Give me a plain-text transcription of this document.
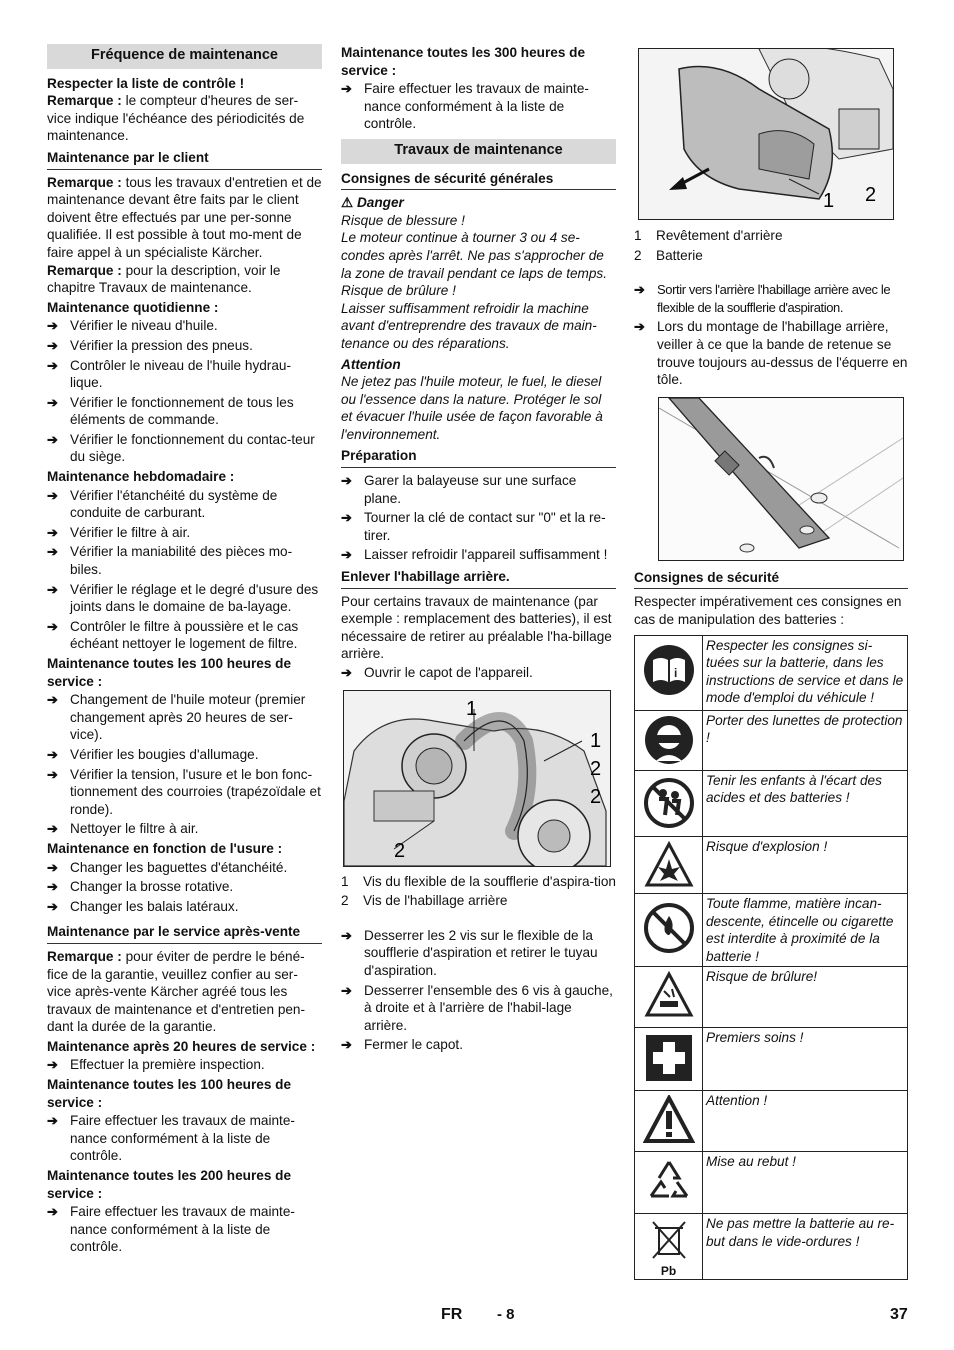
Fréquence de maintenance
Respecter la liste de contrôle !

Remarque : le compteur d'heures de ser-vice indique l'échéance des périodicités de maintenance.

Maintenance par le client

Remarque : tous les travaux d'entretien et de maintenance devant être faits par le client doivent être effectués par une per-sonne qualifiée. Il est possible à tout mo-ment de faire appel à un spécialiste Kärcher.

Remarque : pour la description, voir le chapitre Travaux de maintenance.

Maintenance quotidienne :
➔ Vérifier le niveau d'huile.
➔ Vérifier la pression des pneus.
➔ Contrôler le niveau de l'huile hydrau-lique.
➔ Vérifier le fonctionnement de tous les éléments de commande.
➔ Vérifier le fonctionnement du contac-teur du siège.
Maintenance hebdomadaire :
➔ Vérifier l'étanchéité du système de conduite de carburant.
➔ Vérifier le filtre à air.
➔ Vérifier la maniabilité des pièces mo-biles.
➔ Vérifier le réglage et le degré d'usure des joints dans le domaine de ba-layage.
➔ Contrôler le filtre à poussière et le cas échéant nettoyer le logement de filtre.
Maintenance toutes les 100 heures de service :
➔ Changement de l'huile moteur (premier changement après 20 heures de ser-vice).
➔ Vérifier les bougies d'allumage.
➔ Vérifier la tension, l'usure et le bon fonc-tionnement des courroies (trapézoïdale et ronde).
➔ Nettoyer le filtre à air.
Maintenance en fonction de l'usure :
➔ Changer les baguettes d'étanchéité.
➔ Changer la brosse rotative.
➔ Changer les balais latéraux.
Maintenance par le service après-vente

Remarque : pour éviter de perdre le béné-fice de la garantie, veuillez confier au ser-vice après-vente Kärcher agréé tous les travaux de maintenance et d'entretien pen-dant la durée de la garantie.

Maintenance après 20 heures de service :
➔ Effectuer la première inspection.
Maintenance toutes les 100 heures de service :
➔ Faire effectuer les travaux de mainte-nance conformément à la liste de contrôle.
Maintenance toutes les 200 heures de service :
➔ Faire effectuer les travaux de mainte-nance conformément à la liste de contrôle.
Maintenance toutes les 300 heures de service :
➔ Faire effectuer les travaux de mainte-nance conformément à la liste de contrôle.
Travaux de maintenance
Consignes de sécurité générales
⚠ Danger

Risque de blessure !

Le moteur continue à tourner 3 ou 4 se-condes après l'arrêt. Ne pas s'approcher de la zone de travail pendant ce laps de temps.

Risque de brûlure !

Laisser suffisamment refroidir la machine avant d'entreprendre des travaux de main-tenance ou des réparations.

Attention

Ne jetez pas l'huile moteur, le fuel, le diesel ou l'essence dans la nature. Protéger le sol et évacuer l'huile usée de façon favorable à l'environnement.

Préparation
➔ Garer la balayeuse sur une surface plane.
➔ Tourner la clé de contact sur "0" et la re-tirer.
➔ Laisser refroidir l'appareil suffisamment !
Enlever l'habillage arrière.

Pour certains travaux de maintenance (par exemple : remplacement des batteries), il est nécessaire de retirer au préalable l'ha-billage arrière.

➔ Ouvrir le capot de l'appareil.
1
1
2
2
2
1	Vis du flexible de la soufflerie d'aspira-tion
2	Vis de l'habillage arrière
➔ Desserrer les 2 vis sur le flexible de la soufflerie d'aspiration et retirer le tuyau d'aspiration.
➔ Desserrer l'ensemble des 6 vis à gauche, à droite et à l'arrière de l'habil-lage arrière.
➔ Fermer le capot.
1 2
1	Revêtement d'arrière
2	Batterie
➔ Sortir vers l'arrière l'habillage arrière avec le flexible de la soufflerie d'aspiration.
➔ Lors du montage de l'habillage arrière, veiller à ce que la bande de retenue se trouve toujours au-dessus de l'équerre en tôle.
Consignes de sécurité

Respecter impérativement ces consignes en cas de manipulation des batteries :

i	Respecter les consignes si-tuées sur la batterie, dans les instructions de service et dans le mode d'emploi du véhicule !
	Porter des lunettes de protection !
	Tenir les enfants à l'écart des acides et des batteries !
	Risque d'explosion !
	Toute flamme, matière incan-descente, étincelle ou cigarette est interdite à proximité de la batterie !
	Risque de brûlure!
	Premiers soins !
	Attention !
	Mise au rebut !

Pb	Ne pas mettre la batterie au re-but dans le vide-ordures !
FR - 8	37
